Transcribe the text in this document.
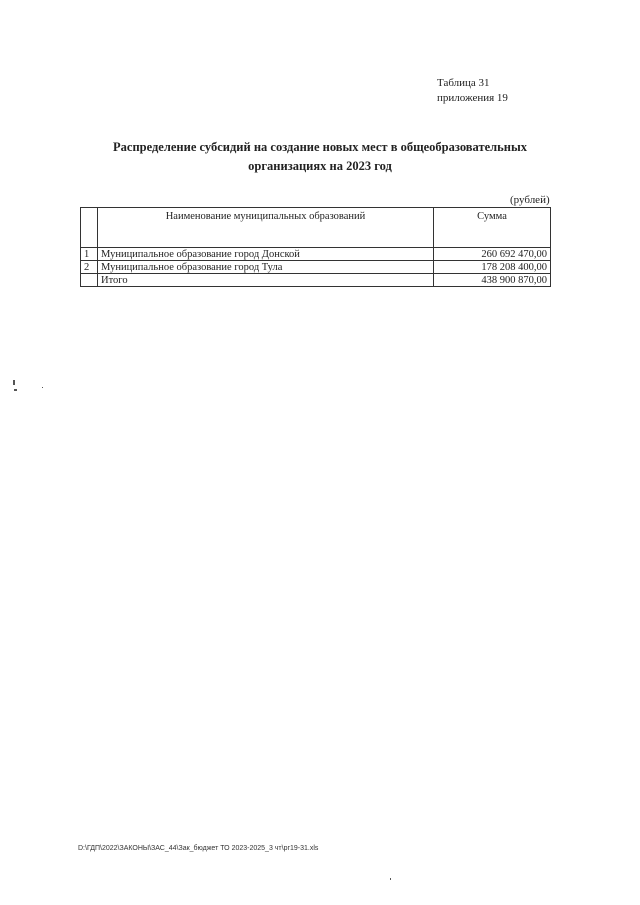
Таблица 31
приложения 19
Распределение субсидий на создание новых мест в общеобразовательных
организациях на 2023 год
(рублей)
	Наименование муниципальных образований	Сумма
1	Муниципальное образование город Донской	260 692 470,00
2	Муниципальное образование город Тула	178 208 400,00
	Итого	438 900 870,00
D:\ГДП\2022\ЗАКОНЫ\ЗАС_44\Зак_бюджет ТО 2023-2025_3 чт\рг19-31.xls
